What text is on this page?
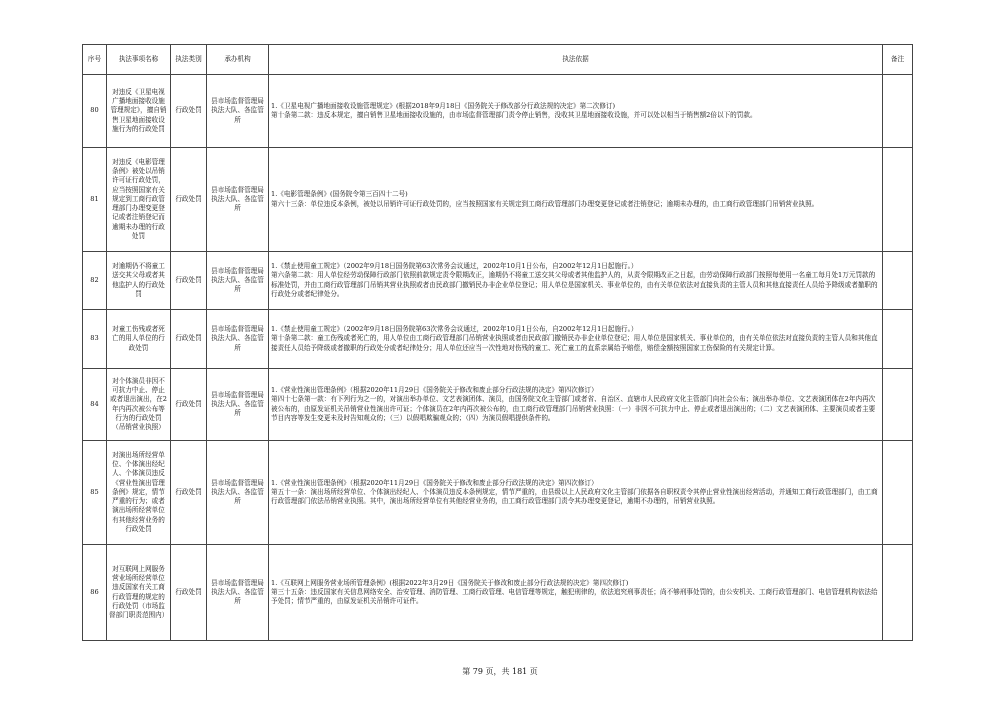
序号	执法事项名称	执法类别	承办机构	执法依据	备注
80	对违反《卫星电视广播地面接收设施管理规定》，擅自销售卫星地面接收设施行为的行政处罚	行政处罚	县市场监督管理局执法大队、各监管所	1.《卫星电视广播地面接收设施管理规定》(根据2018年9月18日《国务院关于修改部分行政法规的决定》第二次修订)
第十条第二款：违反本规定，擅自销售卫星地面接收设施的，由市场监督管理部门责令停止销售，没收其卫星地面接收设施，并可以处以相当于销售额2倍以下的罚款。	

81	对违反《电影管理条例》被处以吊销许可证行政处罚，应当按照国家有关规定到工商行政管理部门办理变更登记或者注销登记而逾期未办理的行政处罚	行政处罚	县市场监督管理局执法大队、各监管所	1.《电影管理条例》(国务院令第三百四十二号)
第六十三条：单位违反本条例，被处以吊销许可证行政处罚的，应当按照国家有关规定到工商行政管理部门办理变更登记或者注销登记；逾期未办理的，由工商行政管理部门吊销营业执照。	

82	对逾期仍不将童工送交其父母或者其他监护人的行政处罚	行政处罚	县市场监督管理局执法大队、各监管所	1.《禁止使用童工规定》（2002年9月18日国务院第63次常务会议通过，2002年10月1日公布，自2002年12月1日起施行。）
第六条第二款：用人单位经劳动保障行政部门依照前款规定责令限期改正，逾期仍不将童工送交其父母或者其他监护人的，从责令限期改正之日起，由劳动保障行政部门按照每使用一名童工每月处1万元罚款的标准处罚，并由工商行政管理部门吊销其营业执照或者由民政部门撤销民办非企业单位登记；用人单位是国家机关、事业单位的，由有关单位依法对直接负责的主管人员和其他直接责任人员给予降级或者撤职的行政处分或者纪律处分。	

83	对童工伤残或者死亡的用人单位的行政处罚	行政处罚	县市场监督管理局执法大队、各监管所	1.《禁止使用童工规定》（2002年9月18日国务院第63次常务会议通过，2002年10月1日公布，自2002年12月1日起施行。）
第十条第二款：童工伤残或者死亡的，用人单位由工商行政管理部门吊销营业执照或者由民政部门撤销民办非企业单位登记；用人单位是国家机关、事业单位的，由有关单位依法对直接负责的主管人员和其他直接责任人员给予降级或者撤职的行政处分或者纪律处分；用人单位还应当一次性地对伤残的童工、死亡童工的直系亲属给予赔偿，赔偿金额按照国家工伤保险的有关规定计算。	

84	对个体演员非因不可抗力中止、停止或者退出演出，在2年内再次被公布等行为的行政处罚（吊销营业执照）	行政处罚	县市场监督管理局执法大队、各监管所	1.《营业性演出管理条例》（根据2020年11月29日《国务院关于修改和废止部分行政法规的决定》第四次修订）
第四十七条第一款：有下列行为之一的，对演出举办单位、文艺表演团体、演员，由国务院文化主管部门或者省、自治区、直辖市人民政府文化主管部门向社会公布；演出举办单位、文艺表演团体在2年内再次被公布的，由原发证机关吊销营业性演出许可证；个体演员在2年内再次被公布的，由工商行政管理部门吊销营业执照：（一）非因不可抗力中止、停止或者退出演出的；（二）文艺表演团体、主要演员或者主要节目内容等发生变更未及时告知观众的；（三）以假唱欺骗观众的；（四）为演员假唱提供条件的。	

85	对演出场所经营单位、个体演出经纪人、个体演员违反《营业性演出管理条例》规定，情节严重的行为；或者演出场所经营单位有其他经营业务的行政处罚	行政处罚	县市场监督管理局执法大队、各监管所	1.《营业性演出管理条例》（根据2020年11月29日《国务院关于修改和废止部分行政法规的决定》第四次修订）
第五十一条：演出场所经营单位、个体演出经纪人、个体演员违反本条例规定，情节严重的，由县级以上人民政府文化主管部门依据各自职权责令其停止营业性演出经营活动，并通知工商行政管理部门，由工商行政管理部门依法吊销营业执照。其中，演出场所经营单位有其他经营业务的，由工商行政管理部门责令其办理变更登记，逾期不办理的，吊销营业执照。	

86	对互联网上网服务营业场所经营单位违反国家有关工商行政管理的规定的行政处罚（市场监督部门职责范围内）	行政处罚	县市场监督管理局执法大队、各监管所	1.《互联网上网服务营业场所管理条例》(根据2022年3月29日《国务院关于修改和废止部分行政法规的决定》第四次修订)
第三十五条：违反国家有关信息网络安全、治安管理、消防管理、工商行政管理、电信管理等规定，触犯刑律的，依法追究刑事责任；尚不够刑事处罚的，由公安机关、工商行政管理部门、电信管理机构依法给予处罚；情节严重的，由原发证机关吊销许可证件。	

第 79 页，共 181 页
